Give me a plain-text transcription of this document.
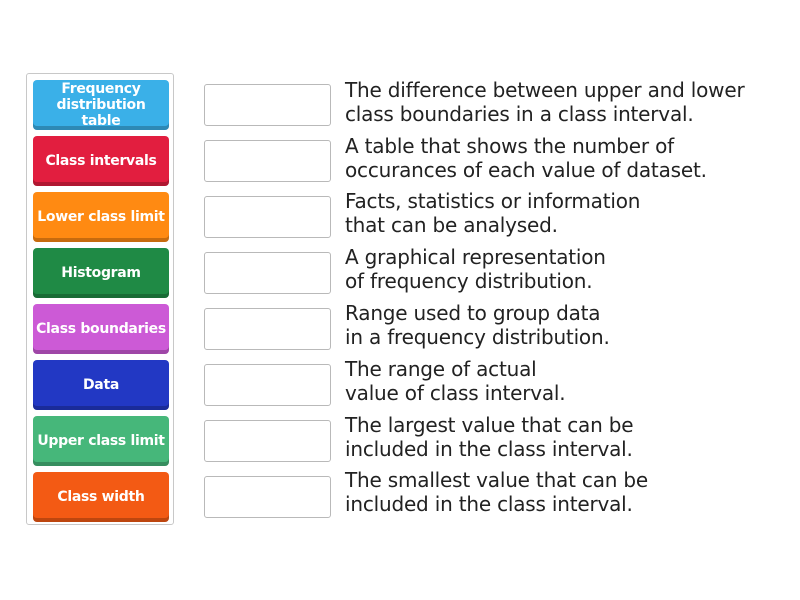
Frequency distribution table
Class intervals
Lower class limit
Histogram
Class boundaries
Data
Upper class limit
Class width
The difference between upper and lower
class boundaries in a class interval.
A table that shows the number of
occurances of each value of dataset.
Facts, statistics or information
that can be analysed.
A graphical representation
of frequency distribution.
Range used to group data
in a frequency distribution.
The range of actual
value of class interval.
The largest value that can be
included in the class interval.
The smallest value that can be
included in the class interval.
